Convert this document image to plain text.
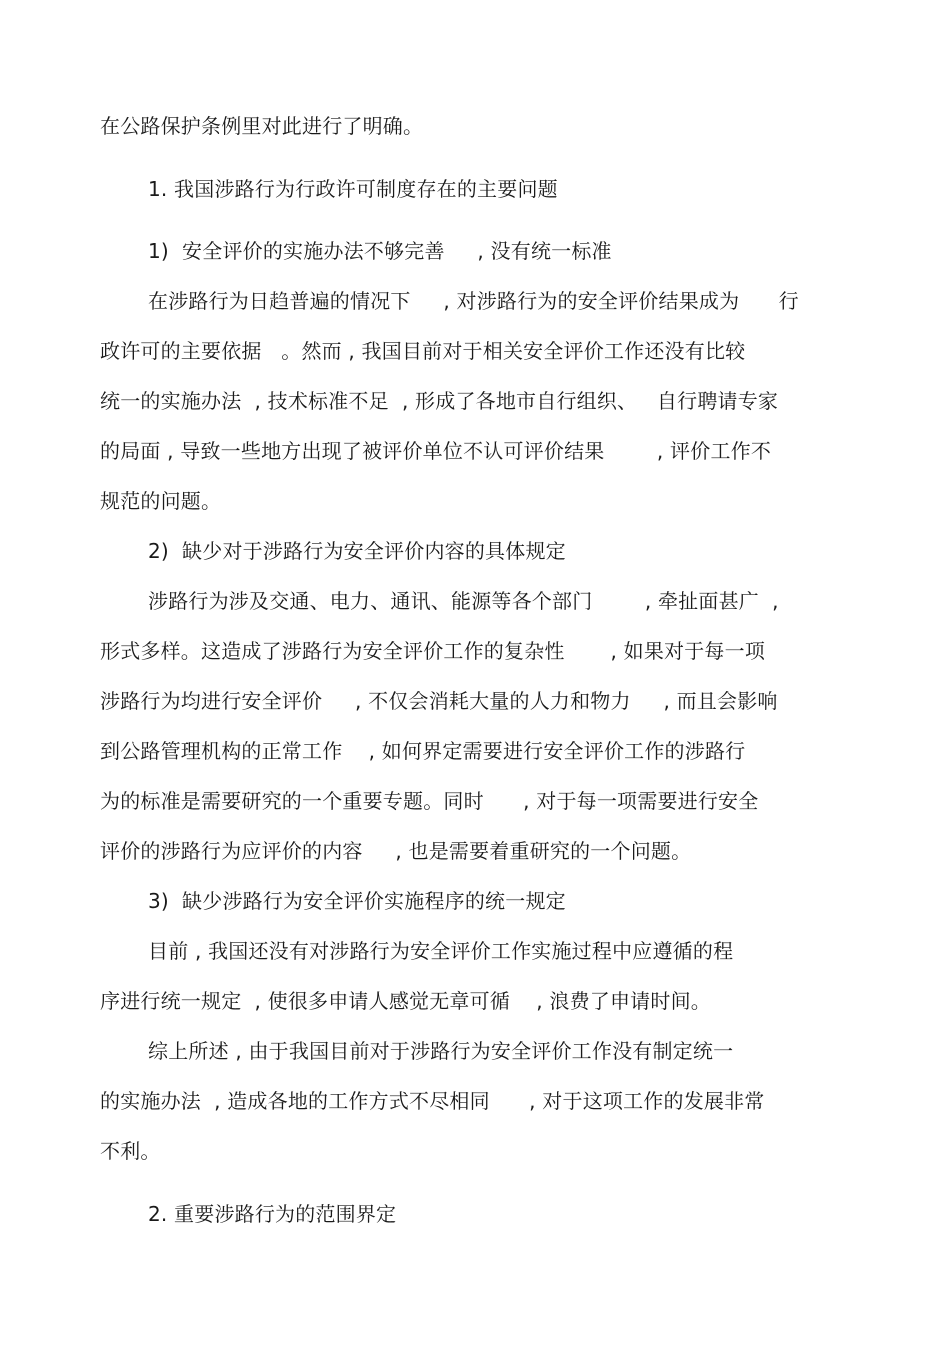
在公路保护条例里对此进行了明确。
1. 我国涉路行为行政许可制度存在的主要问题
1)  安全评价的实施办法不够完善     , 没有统一标准
在涉路行为日趋普遍的情况下     , 对涉路行为的安全评价结果成为      行
政许可的主要依据   。然而 , 我国目前对于相关安全评价工作还没有比较
统一的实施办法  , 技术标准不足  , 形成了各地市自行组织、   自行聘请专家
的局面 , 导致一些地方出现了被评价单位不认可评价结果        , 评价工作不
规范的问题。
2)  缺少对于涉路行为安全评价内容的具体规定
涉路行为涉及交通、电力、通讯、能源等各个部门        , 牵扯面甚广  ,
形式多样。这造成了涉路行为安全评价工作的复杂性       , 如果对于每一项
涉路行为均进行安全评价     , 不仅会消耗大量的人力和物力     , 而且会影响
到公路管理机构的正常工作    , 如何界定需要进行安全评价工作的涉路行
为的标准是需要研究的一个重要专题。同时      , 对于每一项需要进行安全
评价的涉路行为应评价的内容     , 也是需要着重研究的一个问题。
3)  缺少涉路行为安全评价实施程序的统一规定
目前 , 我国还没有对涉路行为安全评价工作实施过程中应遵循的程
序进行统一规定  , 使很多申请人感觉无章可循    , 浪费了申请时间。
综上所述 , 由于我国目前对于涉路行为安全评价工作没有制定统一
的实施办法  , 造成各地的工作方式不尽相同      , 对于这项工作的发展非常
不利。
2. 重要涉路行为的范围界定
